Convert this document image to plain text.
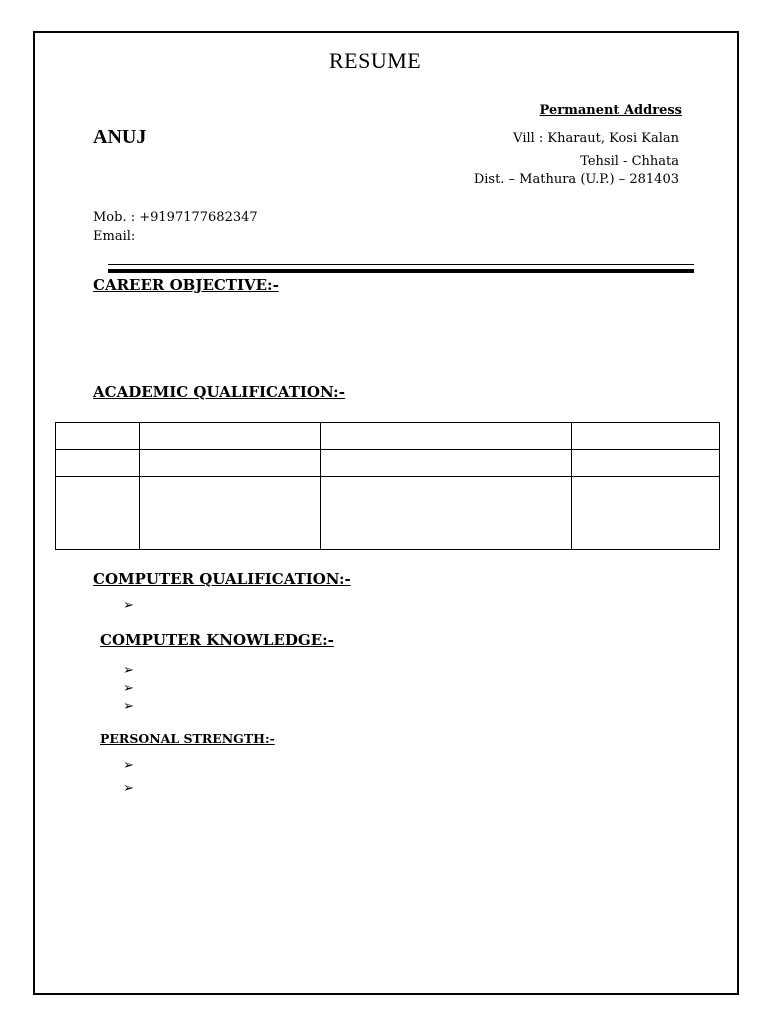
RESUME
Permanent Address
ANUJ	Vill : Kharaut, Kosi Kalan
Tehsil - Chhata
Dist. – Mathura (U.P.) – 281403
Mob. : +9197177682347
Email:
CAREER OBJECTIVE:-
ACADEMIC QUALIFICATION:-

COMPUTER QUALIFICATION:-
➢
COMPUTER KNOWLEDGE:-
➢
➢
➢
PERSONAL STRENGTH:-
➢
➢
